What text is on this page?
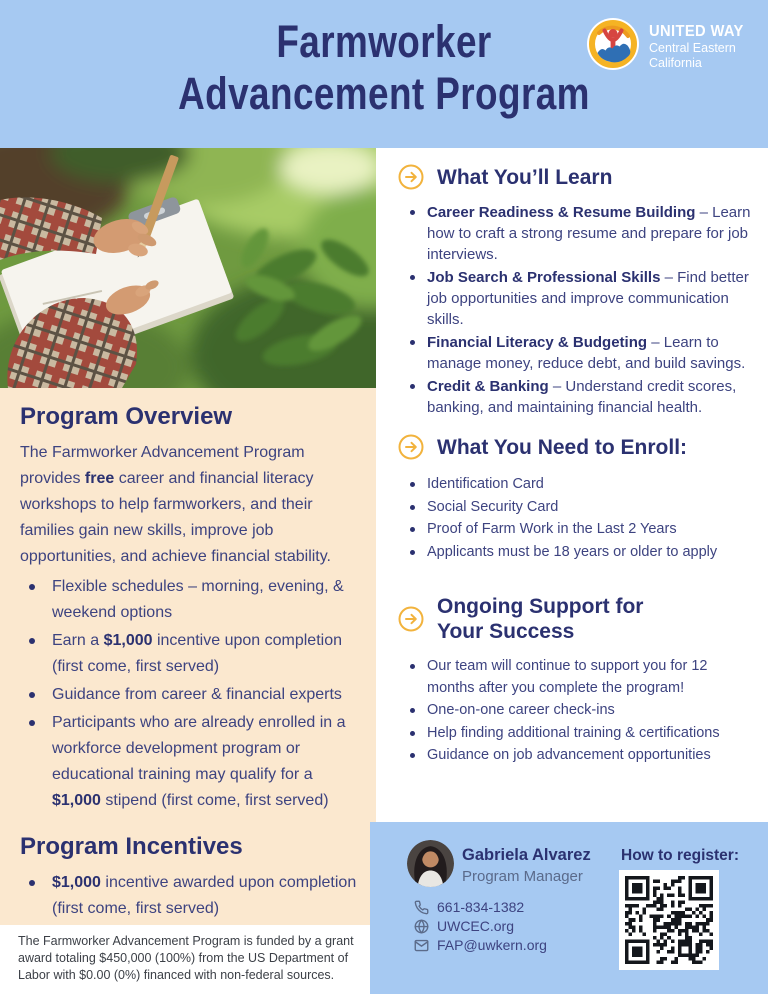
Farmworker
Advancement Program
UNITED WAY
Central Eastern
California
Program Overview

The Farmworker Advancement Program provides free career and financial literacy workshops to help farmworkers, and their families gain new skills, improve job opportunities, and achieve financial stability.

Flexible schedules – morning, evening, & weekend options
Earn a $1,000 incentive upon completion (first come, first served)
Guidance from career & financial experts
Participants who are already enrolled in a workforce development program or educational training may qualify for a $1,000 stipend (first come, first served)
Program Incentives
$1,000 incentive awarded upon completion (first come, first served)
The Farmworker Advancement Program is funded by a grant award totaling $450,000 (100%) from the US Department of Labor with $0.00 (0%) financed with non-federal sources.
What You’ll Learn
Career Readiness & Resume Building – Learn how to craft a strong resume and prepare for job interviews.
Job Search & Professional Skills – Find better job opportunities and improve communication skills.
Financial Literacy & Budgeting – Learn to manage money, reduce debt, and build savings.
Credit & Banking – Understand credit scores, banking, and maintaining financial health.
What You Need to Enroll:
Identification Card
Social Security Card
Proof of Farm Work in the Last 2 Years
Applicants must be 18 years or older to apply
Ongoing Support for
Your Success
Our team will continue to support you for 12 months after you complete the program!
One-on-one career check-ins
Help finding additional training & certifications
Guidance on job advancement opportunities
Gabriela Alvarez
Program Manager
661-834-1382
UWCEC.org
FAP@uwkern.org
How to register:
